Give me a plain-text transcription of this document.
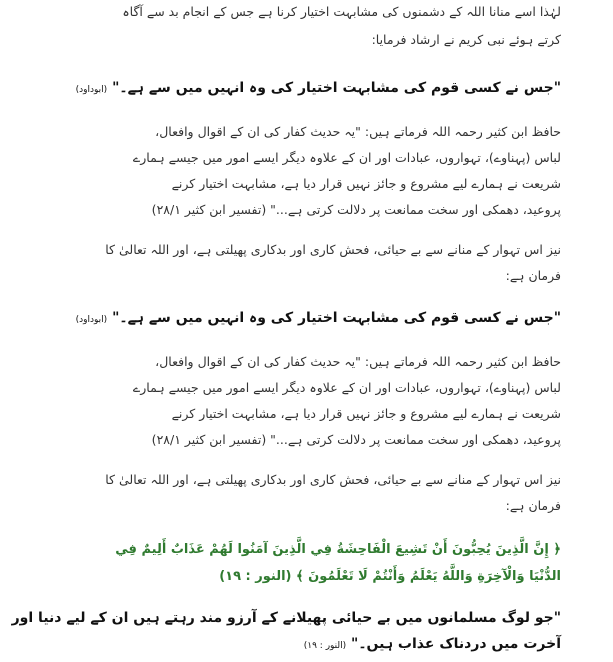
لہٰذا اسے منانا اللہ کے دشمنوں کی مشابہت اختیار کرنا ہے جس کے انجام بد سے آگاہ
کرتے ہوئے نبی کریم نے ارشاد فرمایا:
"جس نے کسی قوم کی مشابہت اختیار کی وہ انہیں میں سے ہے۔" (ابوداود)
حافظ ابن کثیر رحمہ اللہ فرماتے ہیں: "یہ حدیث کفار کی ان کے اقوال وافعال،
لباس (پہناوے)، تہواروں، عبادات اور ان کے علاوہ دیگر ایسے امور میں جیسے ہمارے
شریعت نے ہمارے لیے مشروع و جائز نہیں قرار دیا ہے، مشابہت اختیار کرنے
پروعید، دھمکی اور سخت ممانعت پر دلالت کرتی ہے..." (تفسیر ابن کثیر ۲۸/۱)
نیز اس تہوار کے منانے سے بے حیائی، فحش کاری اور بدکاری پھیلتی ہے، اور اللہ تعالیٰ کا
فرمان ہے:
"جس نے کسی قوم کی مشابہت اختیار کی وہ انہیں میں سے ہے۔" (ابوداود)
حافظ ابن کثیر رحمہ اللہ فرماتے ہیں: "یہ حدیث کفار کی ان کے اقوال وافعال،
لباس (پہناوے)، تہواروں، عبادات اور ان کے علاوہ دیگر ایسے امور میں جیسے ہمارے
شریعت نے ہمارے لیے مشروع و جائز نہیں قرار دیا ہے، مشابہت اختیار کرنے
پروعید، دھمکی اور سخت ممانعت پر دلالت کرتی ہے..." (تفسیر ابن کثیر ۲۸/۱)
نیز اس تہوار کے منانے سے بے حیائی، فحش کاری اور بدکاری پھیلتی ہے، اور اللہ تعالیٰ کا
فرمان ہے:
﴿ إِنَّ الَّذِينَ يُحِبُّونَ أَنْ تَشِيعَ الْفَاحِشَةُ فِي الَّذِينَ آمَنُوا لَهُمْ عَذَابٌ أَلِيمٌ فِي
الدُّنْيَا وَالْآخِرَةِ وَاللَّهُ يَعْلَمُ وَأَنْتُمْ لَا تَعْلَمُونَ ﴾ (النور : ۱۹)
"جو لوگ مسلمانوں میں بے حیائی پھیلانے کے آرزو مند رہتے ہیں ان کے لیے دنیا اور
آخرت میں دردناک عذاب ہیں۔" (النور : ۱۹)
